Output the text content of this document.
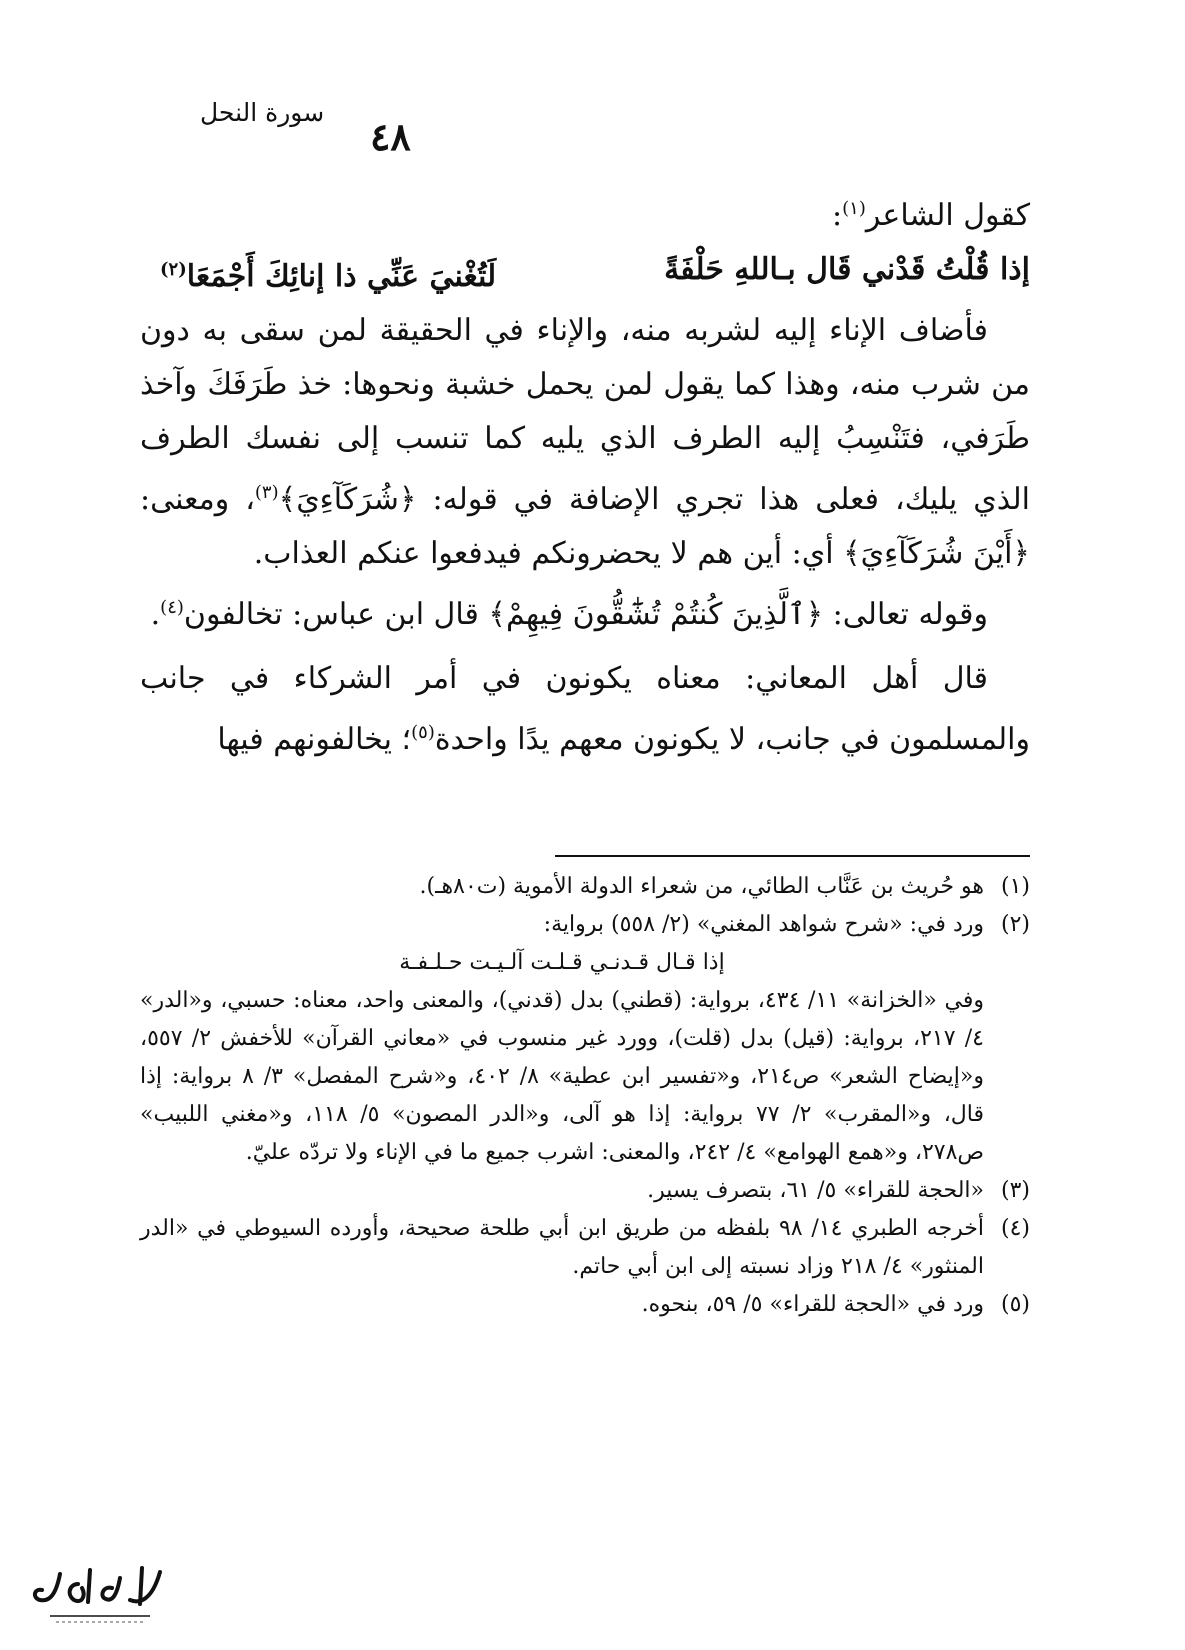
سورة النحل
٤٨

كقول الشاعر$^{(١)}$:

إذا قُلْتُ قَدْني قَال بـاللهِ حَلْفَةً
لَتُغْنيَ عَنِّي ذا إنائِكَ أَجْمَعَا$^{(٢)}$

فأضاف الإناء إليه لشربه منه، والإناء في الحقيقة لمن سقى به دون من شرب منه، وهذا كما يقول لمن يحمل خشبة ونحوها: خذ طَرَفَكَ وآخذ طَرَفي، فتَنْسِبُ إليه الطرف الذي يليه كما تنسب إلى نفسك الطرف الذي يليك، فعلى هذا تجري الإضافة في قوله: ﴿شُرَكَآءِيَ﴾$^{(٣)}$، ومعنى: ﴿أَيْنَ شُرَكَآءِيَ﴾ أي: أين هم لا يحضرونكم فيدفعوا عنكم العذاب.

وقوله تعالى: ﴿ٱلَّذِينَ كُنتُمْ تُشَٰٓقُّونَ فِيهِمْ﴾ قال ابن عباس: تخالفون$^{(٤)}$.

قال أهل المعاني: معناه يكونون في أمر الشركاء في جانب والمسلمون في جانب، لا يكونون معهم يدًا واحدة$^{(٥)}$؛ يخالفونهم فيها

(١)
هو حُريث بن عَنَّاب الطائي، من شعراء الدولة الأموية (ت٨٠هـ).
(٢)
ورد في: «شرح شواهد المغني» (٢/ ٥٥٨) برواية:

إذا قـال قـدنـي قـلـت آلـيـت حـلـفـة

وفي «الخزانة» ١١/ ٤٣٤، برواية: (قطني) بدل (قدني)، والمعنى واحد، معناه: حسبي، و«الدر» ٤/ ٢١٧، برواية: (قيل) بدل (قلت)، وورد غير منسوب في «معاني القرآن» للأخفش ٢/ ٥٥٧، و«إيضاح الشعر» ص٢١٤، و«تفسير ابن عطية» ٨/ ٤٠٢، و«شرح المفصل» ٣/ ٨ برواية: إذا قال، و«المقرب» ٢/ ٧٧ برواية: إذا هو آلى، و«الدر المصون» ٥/ ١١٨، و«مغني اللبيب» ص٢٧٨، و«همع الهوامع» ٤/ ٢٤٢، والمعنى: اشرب جميع ما في الإناء ولا تردّه عليّ.

(٣)
«الحجة للقراء» ٥/ ٦١، بتصرف يسير.
(٤)
أخرجه الطبري ١٤/ ٩٨ بلفظه من طريق ابن أبي طلحة صحيحة، وأورده السيوطي في «الدر المنثور» ٤/ ٢١٨ وزاد نسبته إلى ابن أبي حاتم.
(٥)
ورد في «الحجة للقراء» ٥/ ٥٩، بنحوه.
